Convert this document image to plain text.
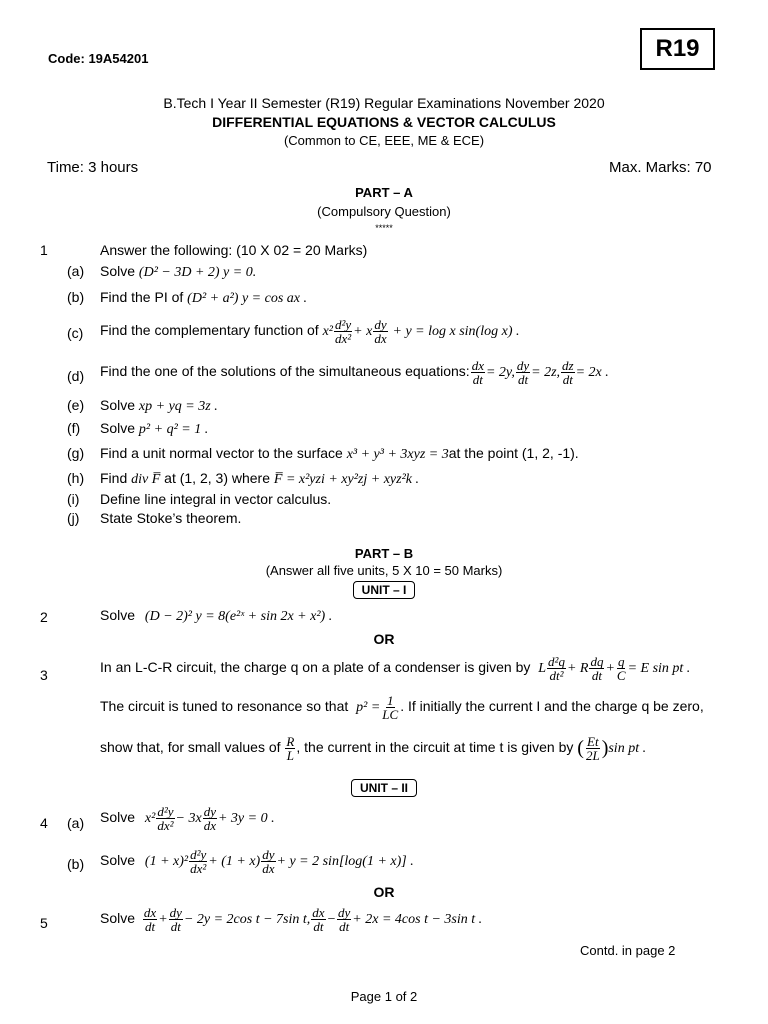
Code: 19A54201	R19
B.Tech I Year II Semester (R19) Regular Examinations November 2020
DIFFERENTIAL EQUATIONS & VECTOR CALCULUS
(Common to CE, EEE, ME & ECE)
Time: 3 hours	Max. Marks: 70
PART – A
(Compulsory Question)
*****
1	Answer the following: (10 X 02 = 20 Marks)
(a) Solve (D² − 3D + 2) y = 0.
(b) Find the PI of (D² + a²) y = cos ax .
(c) Find the complementary function of $x^2 \frac{\text{d²y}}{\text{dx²}} + x \frac{dy}{dx} + y = \log x$ sin(log x) .
(d) Find the one of the solutions of the simultaneous equations: $\frac{dx}{dt} = 2y$, $\frac{dy}{dt} = 2z$, $\frac{dz}{dt} = 2x$ .
(e) Solve xp + yq = 3z .
(f) Solve p² + q² = 1 .
(g) Find a unit normal vector to the surface x³ + y³ + 3xyz = 3at the point (1, 2, -1).
(h) Find div F̅ at (1, 2, 3) where F̅ = x²yzi + xy²zj + xyz²k .
(i) Define line integral in vector calculus.
(j) State Stoke’s theorem.
PART – B
(Answer all five units, 5 X 10 = 50 Marks)
UNIT – I
2	Solve (D − 2)² y = 8(e²ˣ + sin 2x + x²) .
OR
3	In an L-C-R circuit, the charge q on a plate of a condenser is given by L $\frac{\text{d²q}}{\text{dt²}} + R \frac{dq}{dt} + \frac{q}{C} = E$ sin pt .
The circuit is tuned to resonance so that $p^2 = \frac{1}{LC}$ . If initially the current I and the charge q be zero,
show that, for small values of $\frac{R}{L}$ , the current in the circuit at time t is given by ( $\frac{Et}{2L} )\sin$ pt .
UNIT – II
4 (a) Solve $x^2 \frac{\text{d²y}}{\text{dx²}} - 3x \frac{dy}{dx} + 3y = 0$ .
(b) Solve $(1 + x)^2 \frac{\text{d²y}}{\text{dx²}} + (1 + x) \frac{dy}{dx} + y = 2$ sin[log(1 + x)] .
OR
5	Solve $\frac{dx}{dt} + \frac{dy}{dt} - 2y = 2\cos$ t − 7sin t, $\frac{dx}{dt} - \frac{dy}{dt} + 2x = 4\cos$ t − 3sin t .
Contd. in page 2
Page 1 of 2
